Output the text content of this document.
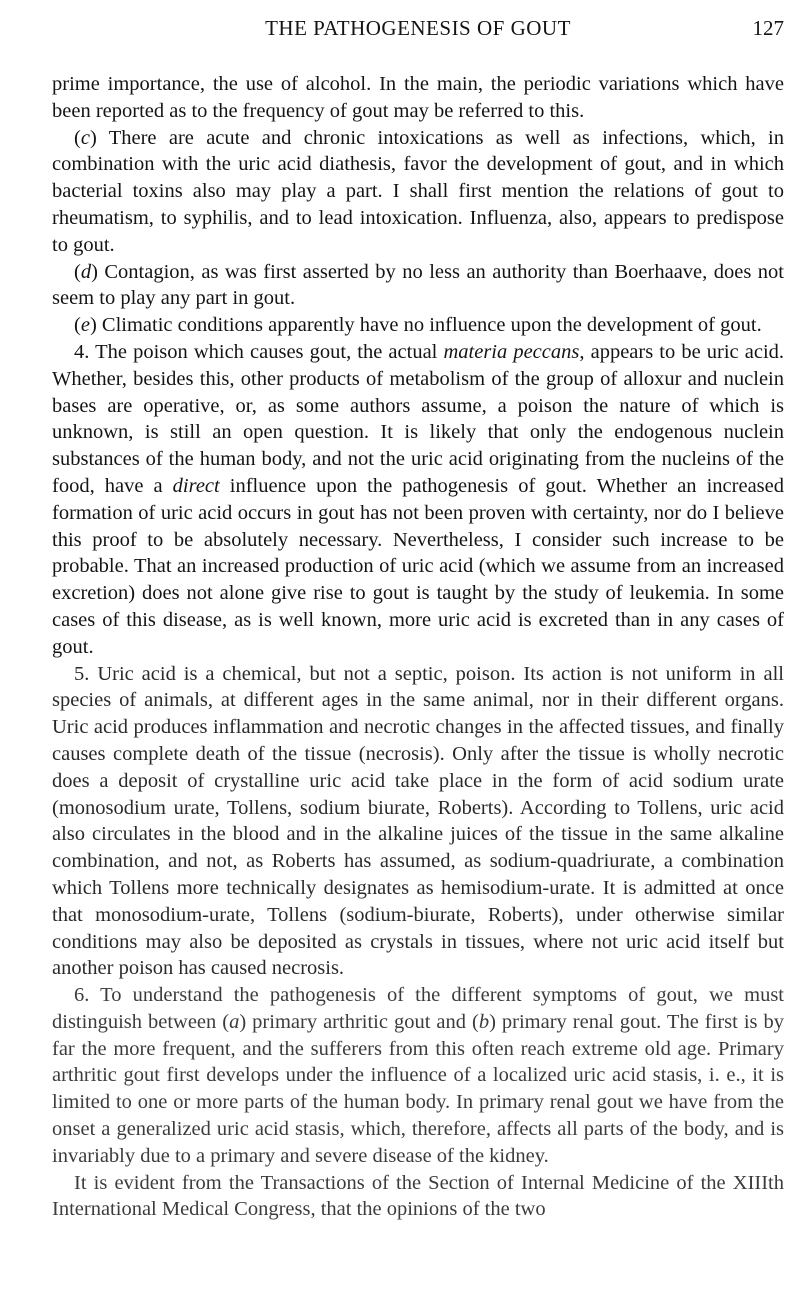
THE PATHOGENESIS OF GOUT	127

prime importance, the use of alcohol. In the main, the periodic variations which have been reported as to the frequency of gout may be referred to this.

(c) There are acute and chronic intoxications as well as infections, which, in combination with the uric acid diathesis, favor the development of gout, and in which bacterial toxins also may play a part. I shall first mention the relations of gout to rheumatism, to syphilis, and to lead intoxication. Influenza, also, appears to predispose to gout.

(d) Contagion, as was first asserted by no less an authority than Boerhaave, does not seem to play any part in gout.

(e) Climatic conditions apparently have no influence upon the development of gout.

4. The poison which causes gout, the actual materia peccans, appears to be uric acid. Whether, besides this, other products of metabolism of the group of alloxur and nuclein bases are operative, or, as some authors assume, a poison the nature of which is unknown, is still an open question. It is likely that only the endogenous nuclein substances of the human body, and not the uric acid originating from the nucleins of the food, have a direct influence upon the pathogenesis of gout. Whether an increased formation of uric acid occurs in gout has not been proven with certainty, nor do I believe this proof to be absolutely necessary. Nevertheless, I consider such increase to be probable. That an increased production of uric acid (which we assume from an increased excretion) does not alone give rise to gout is taught by the study of leukemia. In some cases of this disease, as is well known, more uric acid is excreted than in any cases of gout.

5. Uric acid is a chemical, but not a septic, poison. Its action is not uniform in all species of animals, at different ages in the same animal, nor in their different organs. Uric acid produces inflammation and necrotic changes in the affected tissues, and finally causes complete death of the tissue (necrosis). Only after the tissue is wholly necrotic does a deposit of crystalline uric acid take place in the form of acid sodium urate (monosodium urate, Tollens, sodium biurate, Roberts). According to Tollens, uric acid also circulates in the blood and in the alkaline juices of the tissue in the same alkaline combination, and not, as Roberts has assumed, as sodium-quadriurate, a combination which Tollens more technically designates as hemisodium-urate. It is admitted at once that monosodium-urate, Tollens (sodium-biurate, Roberts), under otherwise similar conditions may also be deposited as crystals in tissues, where not uric acid itself but another poison has caused necrosis.

6. To understand the pathogenesis of the different symptoms of gout, we must distinguish between (a) primary arthritic gout and (b) primary renal gout. The first is by far the more frequent, and the sufferers from this often reach extreme old age. Primary arthritic gout first develops under the influence of a localized uric acid stasis, i. e., it is limited to one or more parts of the human body. In primary renal gout we have from the onset a generalized uric acid stasis, which, therefore, affects all parts of the body, and is invariably due to a primary and severe disease of the kidney.

It is evident from the Transactions of the Section of Internal Medicine of the XIIIth International Medical Congress, that the opinions of the two
